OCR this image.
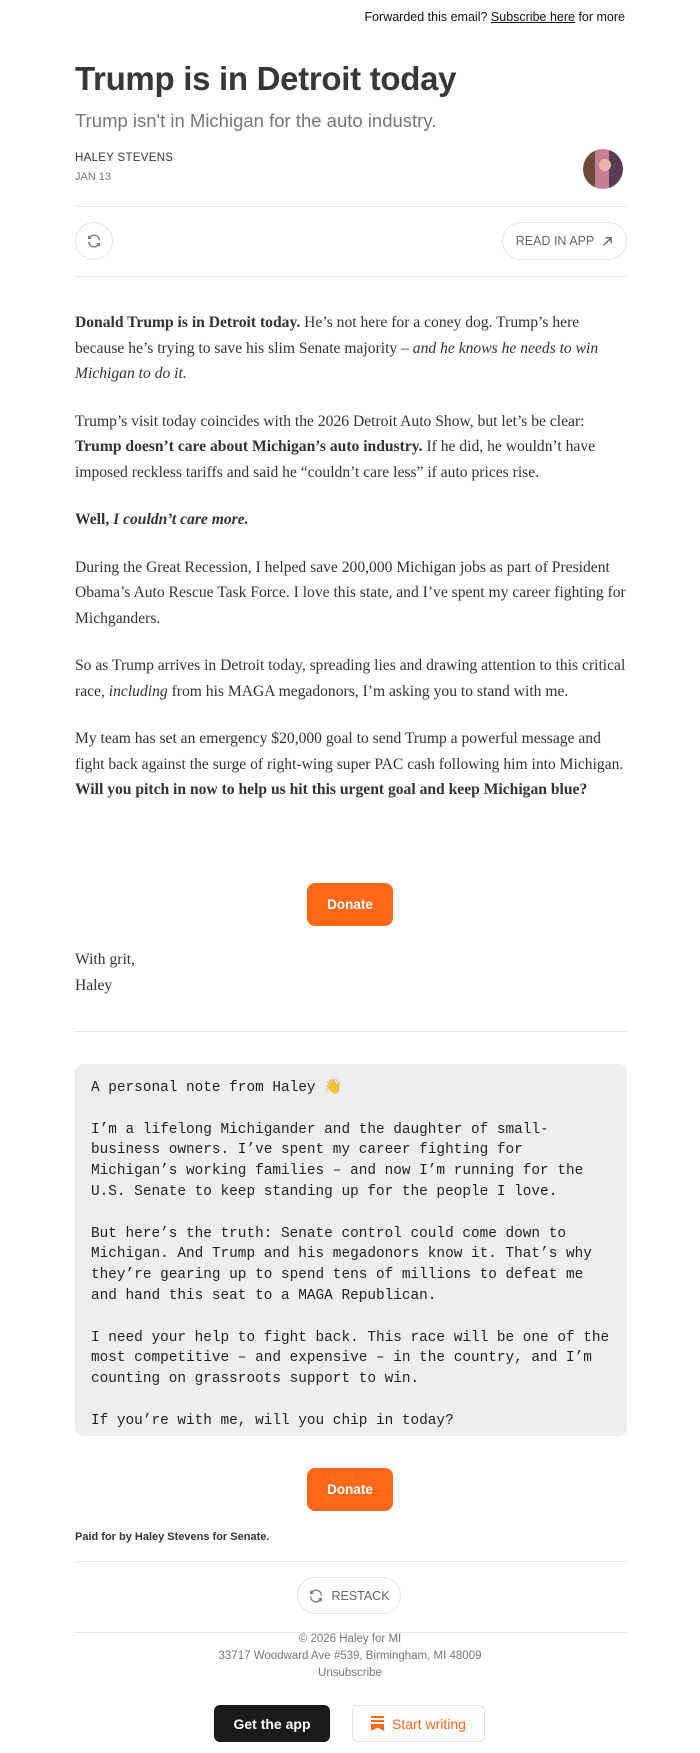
Forwarded this email? Subscribe here for more
Trump is in Detroit today
Trump isn't in Michigan for the auto industry.
HALEY STEVENS
JAN 13
READ IN APP

Donald Trump is in Detroit today. He’s not here for a coney dog. Trump’s here because he’s trying to save his slim Senate majority – and he knows he needs to win Michigan to do it.

Trump’s visit today coincides with the 2026 Detroit Auto Show, but let’s be clear: Trump doesn’t care about Michigan’s auto industry. If he did, he wouldn’t have imposed reckless tariffs and said he “couldn’t care less” if auto prices rise.

Well, I couldn’t care more.

During the Great Recession, I helped save 200,000 Michigan jobs as part of President Obama’s Auto Rescue Task Force. I love this state, and I’ve spent my career fighting for Michganders.

So as Trump arrives in Detroit today, spreading lies and drawing attention to this critical race, including from his MAGA megadonors, I’m asking you to stand with me.

My team has set an emergency $20,000 goal to send Trump a powerful message and fight back against the surge of right-wing super PAC cash following him into Michigan. Will you pitch in now to help us hit this urgent goal and keep Michigan blue?

Donate
With grit,
Haley

A personal note from Haley 👋

I’m a lifelong Michigander and the daughter of small-business owners. I’ve spent my career fighting for Michigan’s working families – and now I’m running for the U.S. Senate to keep standing up for the people I love.

But here’s the truth: Senate control could come down to Michigan. And Trump and his megadonors know it. That’s why they’re gearing up to spend tens of millions to defeat me and hand this seat to a MAGA Republican.

I need your help to fight back. This race will be one of the most competitive – and expensive – in the country, and I’m counting on grassroots support to win.

If you’re with me, will you chip in today?

Donate
Paid for by Haley Stevens for Senate.
RESTACK
© 2026 Haley for MI
33717 Woodward Ave #539, Birmingham, MI 48009
Unsubscribe
Get the app	Start writing
